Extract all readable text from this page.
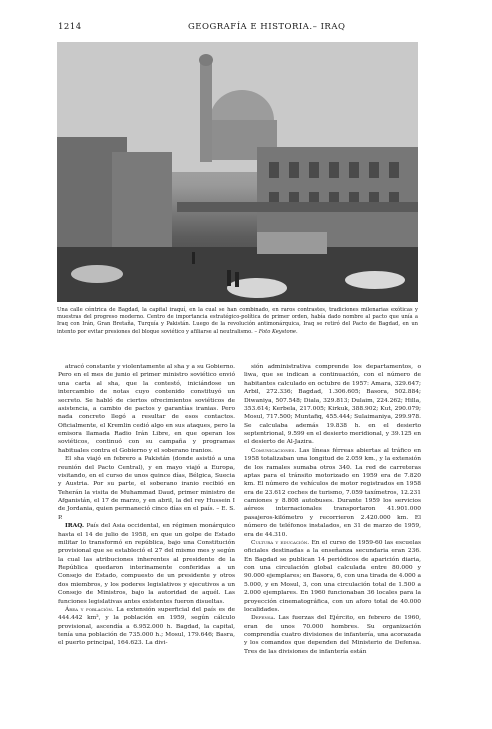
1214	GEOGRAFÍA E HISTORIA.– IRAQ
Una calle céntrica de Bagdad, la capital iraquí, en la cual se han combinado, en raros contrastes, tradiciones milenarias exóticas y muestras del progreso moderno. Centro de importancia estratégico-política de primer orden, había dado nombre al pacto que unía a Iraq con Irán, Gran Bretaña, Turquía y Pakistán. Luego de la revolución antimonárquica, Iraq se retiró del Pacto de Bagdad, en un intento por evitar presiones del bloque soviético y afiliarse al neutralismo. – Foto Keystone.

atracó constante y violentamente al sha y a su Gobierno. Pero en el mes de junio el primer ministro soviético envió una carta al sha, que la contestó, iniciándose un intercambio de notas cuyo contenido constituyó un secreto. Se habló de ciertos ofrecimientos soviéticos de asistencia, a cambio de pactos y garantías iranias. Pero nada concreto llegó a resultar de esos contactos. Oficialmente, el Kremlin cedió algo en sus ataques, pero la emisora llamada Radio Irán Libre, en que operan los soviéticos, continuó con su campaña y programas habituales contra el Gobierno y el soberano iranios.

El sha viajó en febrero a Pakistán (donde asistió a una reunión del Pacto Central), y en mayo viajó a Europa, visitando, en el curso de unos quince días, Bélgica, Suecia y Austria. Por su parte, el soberano iranio recibió en Teherán la visita de Muhammad Daud, primer ministro de Afganistán, el 17 de marzo, y en abril, la del rey Hussein I de Jordania, quien permaneció cinco días en el país. – E. S. P.

IRAQ. País del Asia occidental, en régimen monárquico hasta el 14 de julio de 1958, en que un golpe de Estado militar lo transformó en república, bajo una Constitución provisional que se estableció el 27 del mismo mes y según la cual las atribuciones inherentes al presidente de la República quedaron interinamente conferidas a un Consejo de Estado, compuesto de un presidente y otros dos miembros, y los poderes legislativos y ejecutivos a un Consejo de Ministros, bajo la autoridad de aquél. Las funciones legislativas antes existentes fueron disueltas.

Área y población. La extensión superficial del país es de 444.442 km², y la población en 1959, según cálculo provisional, ascendía a 6.952.000 h. Bagdad, la capital, tenía una población de 735.000 h.; Mosul, 179.646; Basra, el puerto principal, 164.623. La divi-

sión administrativa comprende los departamentos, o liwa, que se indican a continuación, con el número de habitantes calculado en octubre de 1957: Amara, 329.647; Arbil, 272.336; Bagdad, 1.306.605; Basora, 502.884; Diwaniya, 507.548; Diala, 329.813; Dulaim, 224.262; Hilla, 353.614; Kerbela, 217.005; Kirkuk, 388.902; Kut, 290.079; Mosul, 717.500; Muntafiq, 455.444; Sulaimaniya, 299.978. Se calculaba además 19.838 h. en el desierto septentrional, 9.599 en el desierto meridional, y 39.125 en el desierto de Al-Jazira.

Comunicaciones. Las líneas férreas abiertas al tráfico en 1958 totalizaban una longitud de 2.059 km., y la extensión de los ramales sumaba otros 340. La red de carreteras aptas para el tránsito motorizado en 1959 era de 7.820 km. El número de vehículos de motor registrados en 1958 era de 23.612 coches de turismo, 7.059 taxímetros, 12.231 camiones y 8.808 autobuses. Durante 1959 los servicios aéreos internacionales transportaron 41.901.000 pasajeros-kilómetro y recorrieron 2.420.000 km. El número de teléfonos instalados, en 31 de marzo de 1959, era de 44.310.

Cultura y educación. En el curso de 1959-60 las escuelas oficiales destinadas a la enseñanza secundaria eran 236. En Bagdad se publican 14 periódicos de aparición diaria, con una circulación global calculada entre 80.000 y 90.000 ejemplares; en Basora, 6, con una tirada de 4.000 a 5.000, y en Mosul, 3, con una circulación total de 1.500 a 2.000 ejemplares. En 1960 funcionaban 36 locales para la proyección cinematográfica, con un aforo total de 40.000 localidades.

Defensa. Las fuerzas del Ejército, en febrero de 1960, eran de unos 70.000 hombres. Su organización comprendía cuatro divisiones de infantería, una acorazada y los comandos que dependen del Ministerio de Defensa. Tres de las divisiones de infantería están
